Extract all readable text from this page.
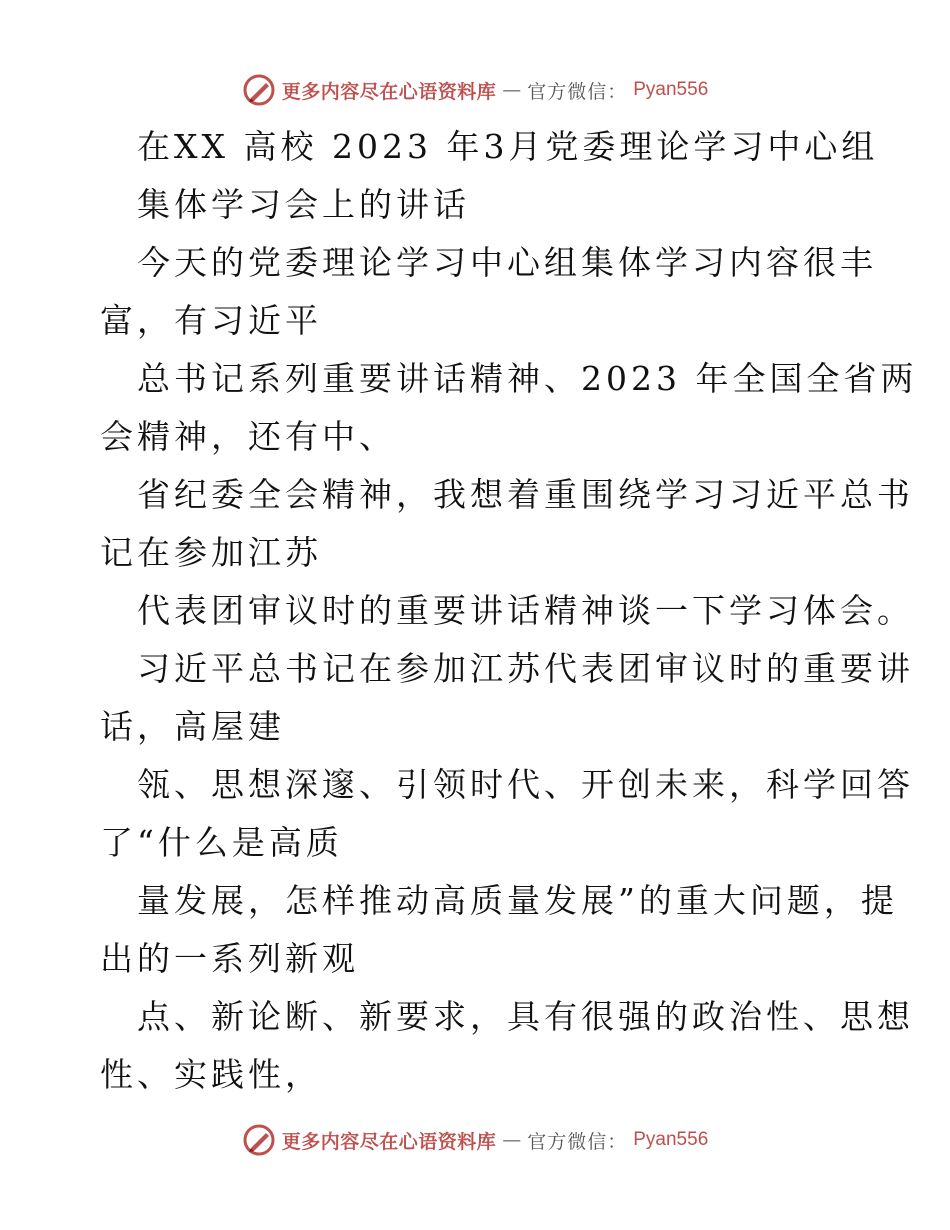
更多内容尽在心语资料库 — 官方微信： Pyan556
在XX 高校 2023 年3月党委理论学习中心组
集体学习会上的讲话
今天的党委理论学习中心组集体学习内容很丰
富，有习近平
总书记系列重要讲话精神、2023 年全国全省两
会精神，还有中、
省纪委全会精神，我想着重围绕学习习近平总书
记在参加江苏
代表团审议时的重要讲话精神谈一下学习体会。
习近平总书记在参加江苏代表团审议时的重要讲
话，高屋建
瓴、思想深邃、引领时代、开创未来，科学回答
了“什么是高质
量发展，怎样推动高质量发展”的重大问题，提
出的一系列新观
点、新论断、新要求，具有很强的政治性、思想
性、实践性，
更多内容尽在心语资料库 — 官方微信： Pyan556
